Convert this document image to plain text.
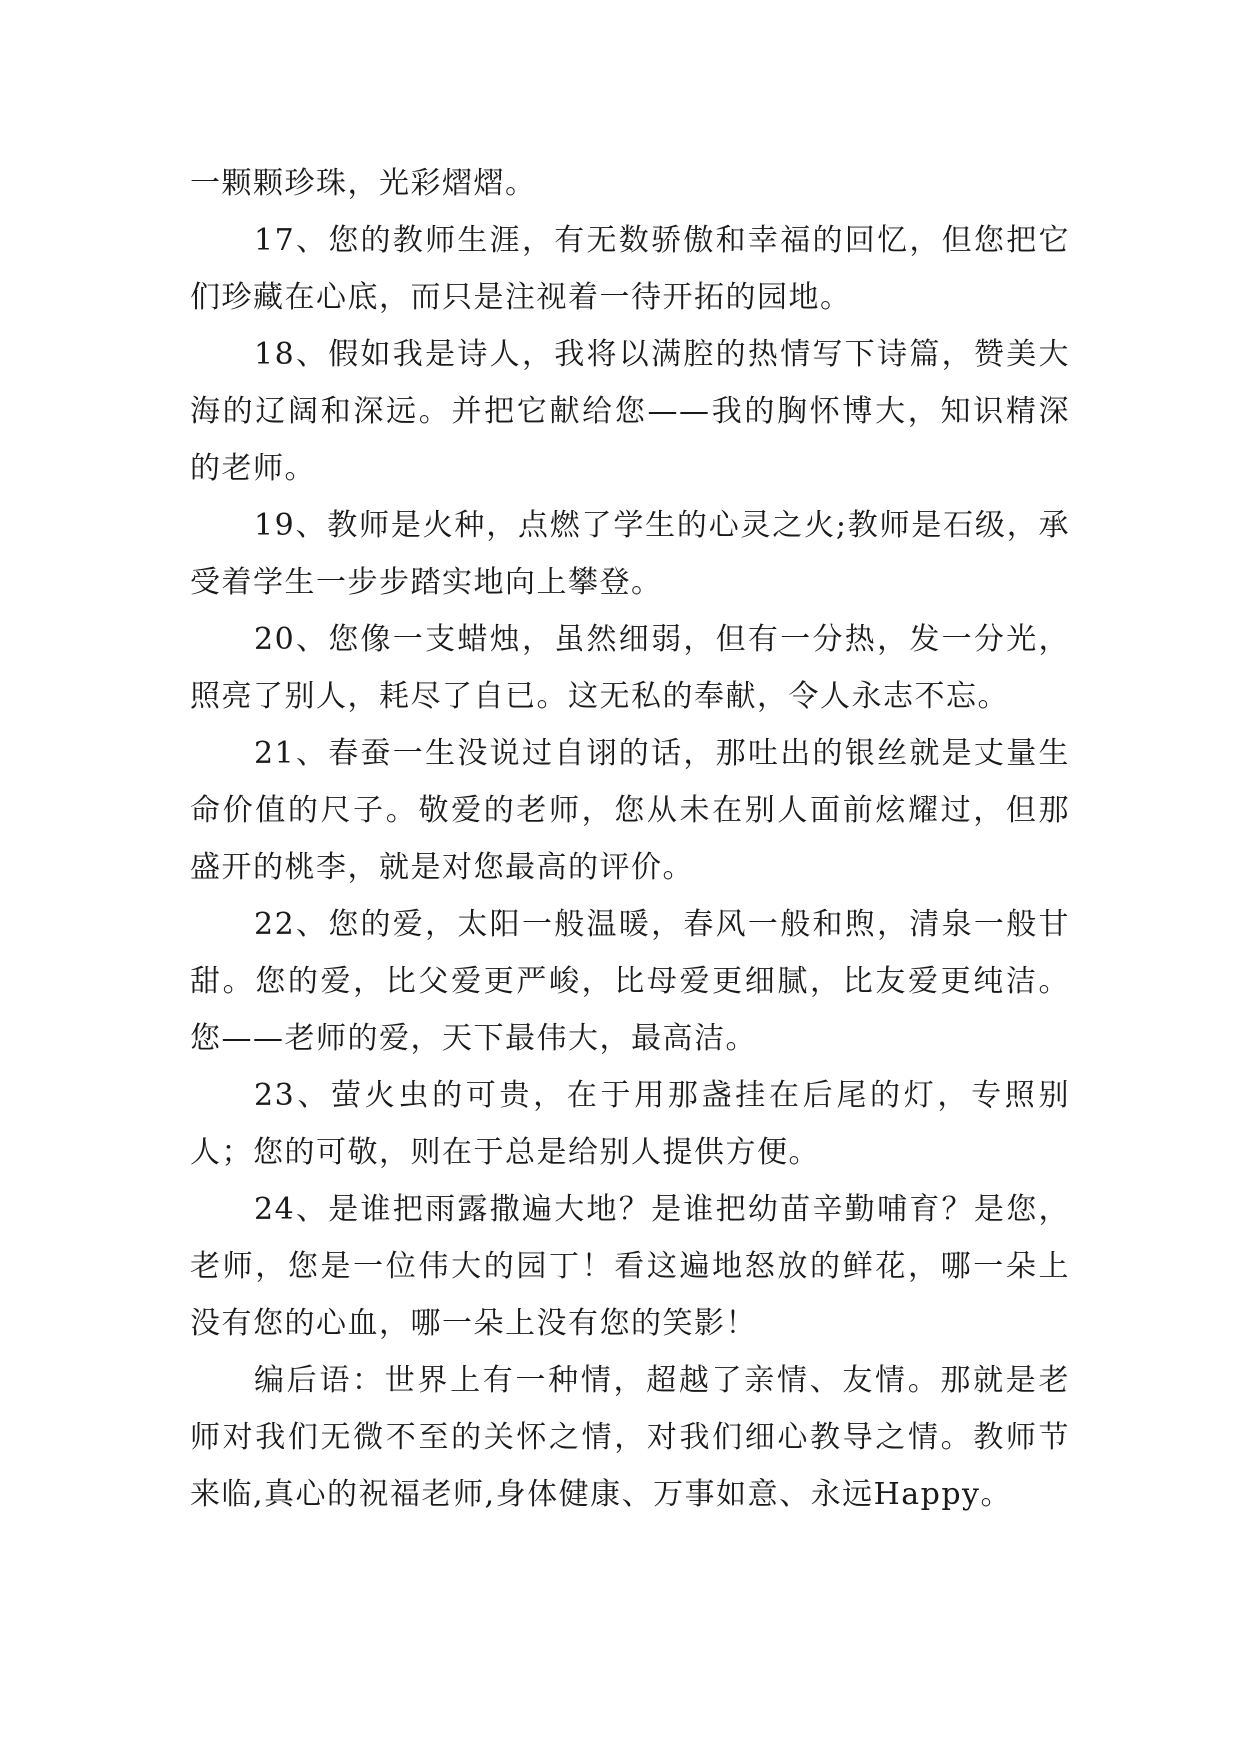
一颗颗珍珠，光彩熠熠。

17、您的教师生涯，有无数骄傲和幸福的回忆，但您把它们珍藏在心底，而只是注视着一待开拓的园地。

18、假如我是诗人，我将以满腔的热情写下诗篇，赞美大海的辽阔和深远。并把它献给您——我的胸怀博大，知识精深的老师。

19、教师是火种，点燃了学生的心灵之火;教师是石级，承受着学生一步步踏实地向上攀登。

20、您像一支蜡烛，虽然细弱，但有一分热，发一分光，照亮了别人，耗尽了自已。这无私的奉献，令人永志不忘。

21、春蚕一生没说过自诩的话，那吐出的银丝就是丈量生命价值的尺子。敬爱的老师，您从未在别人面前炫耀过，但那盛开的桃李，就是对您最高的评价。

22、您的爱，太阳一般温暖，春风一般和煦，清泉一般甘甜。您的爱，比父爱更严峻，比母爱更细腻，比友爱更纯洁。您——老师的爱，天下最伟大，最高洁。

23、萤火虫的可贵，在于用那盏挂在后尾的灯，专照别人；您的可敬，则在于总是给别人提供方便。

24、是谁把雨露撒遍大地？是谁把幼苗辛勤哺育？是您，老师，您是一位伟大的园丁！看这遍地怒放的鲜花，哪一朵上没有您的心血，哪一朵上没有您的笑影！

编后语：世界上有一种情，超越了亲情、友情。那就是老师对我们无微不至的关怀之情，对我们细心教导之情。教师节来临,真心的祝福老师,身体健康、万事如意、永远Happy。
